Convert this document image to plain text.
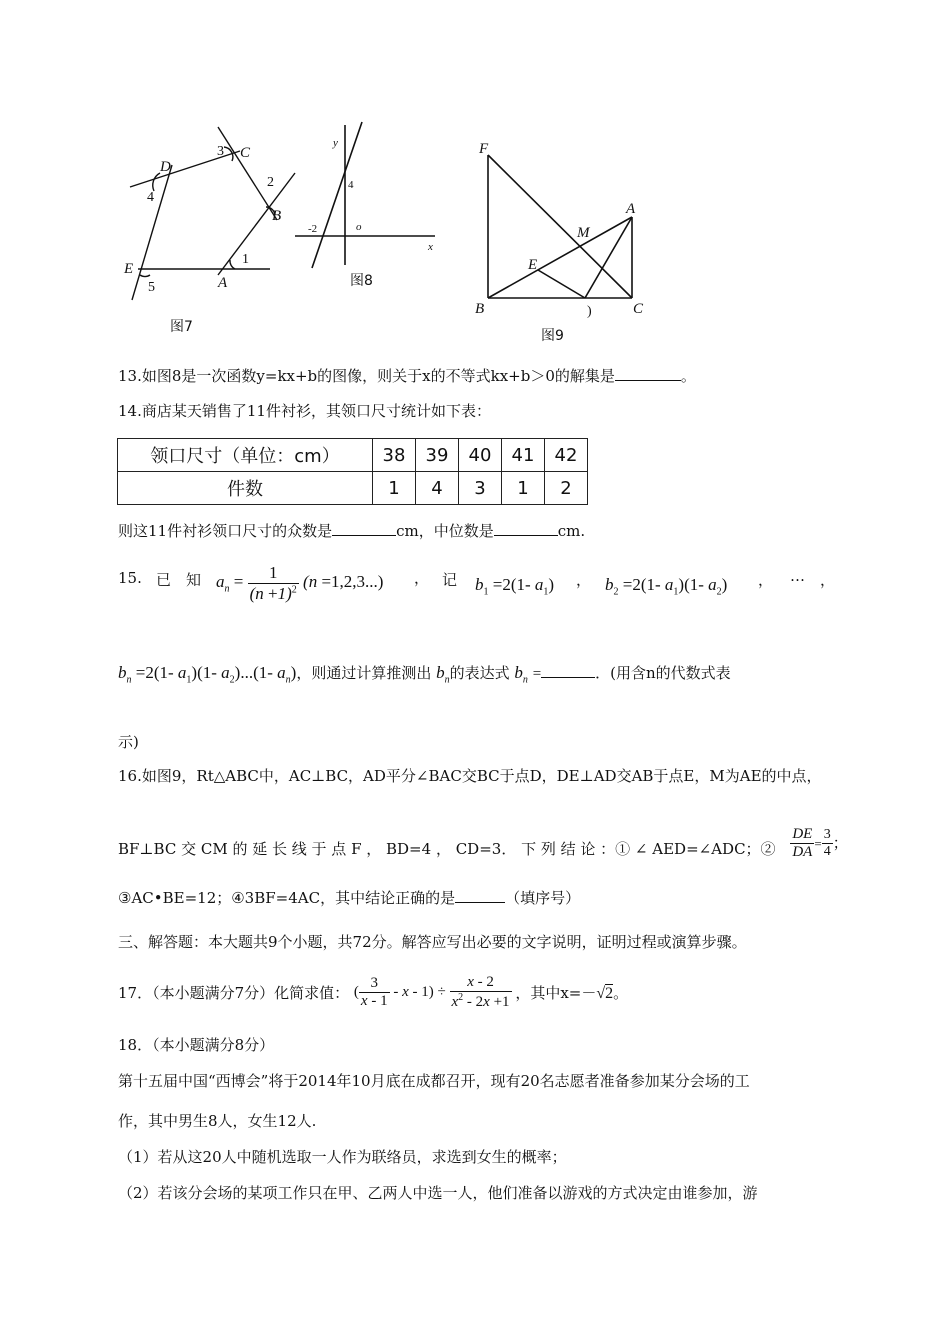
D
C
B
E
A
3
4
2
1
5
图7
y
x
o
4
-2
图8
F
A
M
E
B	C
)
图9
13.如图8是一次函数y=kx+b的图像，则关于x的不等式kx+b＞0的解集是	。
14.商店某天销售了11件衬衫，其领口尺寸统计如下表：
领口尺寸（单位：cm）	38	39	40	41	42
件数	1	4	3	1	2
则这11件衬衫领口尺寸的众数是	cm，中位数是	cm.
15. 已 知 $a_n = \frac{1}{(n +1)^2} (n =1,2,3...)$ ， 记 $b_1 =2(1-$ $a_1$) ， $b_2 =2(1-$ $a_1)(1-$ $a_2$) ， … ，
$b_n =2(1-$ $a_1)(1-$ $a_2)...(1-$ $a_n$)，则通过计算推测出 $b_n$的表达式 $b_n$ =	．(用含n的代数式表
示)
16.如图9，Rt△ABC中，AC⊥BC，AD平分∠BAC交BC于点D，DE⊥AD交AB于点E，M为AE的中点，
BF⊥BC 交 CM 的 延 长 线 于 点 F ， BD=4 ， CD=3． 下 列 结 论 ：① ∠ AED=∠ADC；② $\frac{DE}{DA} = \frac{3}{4}$ ；
③AC•BE=12；④3BF=4AC，其中结论正确的是	（填序号）
三、解答题：本大题共9个小题，共72分。解答应写出必要的文字说明，证明过程或演算步骤。
17．（本小题满分7分）化简求值： ( $\frac{3}{x - 1} - x - 1) \div \frac{x - 2}{x^2 - 2x +1}$ ，其中x=－√2。
18．（本小题满分8分）
第十五届中国“西博会”将于2014年10月底在成都召开，现有20名志愿者准备参加某分会场的工
作，其中男生8人，女生12人.
（1）若从这20人中随机选取一人作为联络员，求选到女生的概率；
（2）若该分会场的某项工作只在甲、乙两人中选一人，他们准备以游戏的方式决定由谁参加，游
